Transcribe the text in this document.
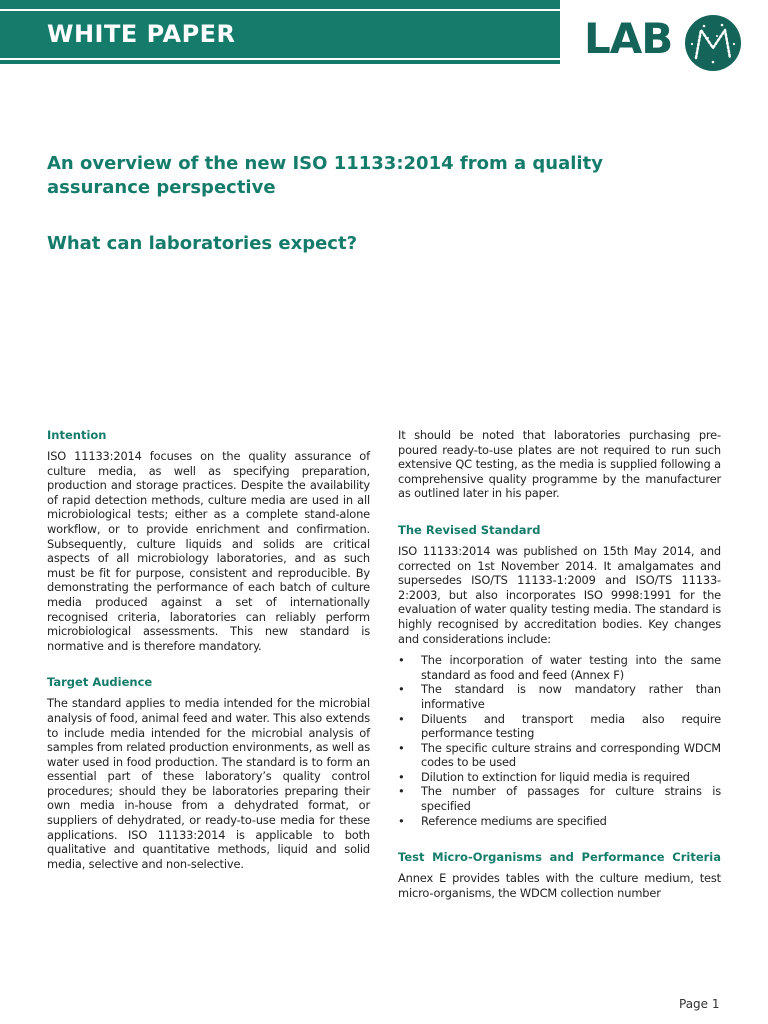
WHITE PAPER	LAB
An overview of the new ISO 11133:2014 from a quality assurance perspective
What can laboratories expect?
Intention

ISO 11133:2014 focuses on the quality assurance of culture media, as well as specifying preparation, production and storage practices. Despite the availability of rapid detection methods, culture media are used in all microbiological tests; either as a complete stand-alone workflow, or to provide enrichment and confirmation. Subsequently, culture liquids and solids are critical aspects of all microbiology laboratories, and as such must be fit for purpose, consistent and reproducible. By demonstrating the performance of each batch of culture media produced against a set of internationally recognised criteria, laboratories can reliably perform microbiological assessments. This new standard is normative and is therefore mandatory.

Target Audience

The standard applies to media intended for the microbial analysis of food, animal feed and water. This also extends to include media intended for the microbial analysis of samples from related production environments, as well as water used in food production. The standard is to form an essential part of these laboratory’s quality control procedures; should they be laboratories preparing their own media in-house from a dehydrated format, or suppliers of dehydrated, or ready-to-use media for these applications. ISO 11133:2014 is applicable to both qualitative and quantitative methods, liquid and solid media, selective and non-selective.

It should be noted that laboratories purchasing pre-poured ready-to-use plates are not required to run such extensive QC testing, as the media is supplied following a comprehensive quality programme by the manufacturer as outlined later in his paper.

The Revised Standard

ISO 11133:2014 was published on 15th May 2014, and corrected on 1st November 2014. It amalgamates and supersedes ISO/TS 11133-1:2009 and ISO/TS 11133-2:2003, but also incorporates ISO 9998:1991 for the evaluation of water quality testing media. The standard is highly recognised by accreditation bodies. Key changes and considerations include:

• The incorporation of water testing into the same standard as food and feed (Annex F)
• The standard is now mandatory rather than informative
• Diluents and transport media also require performance testing
• The specific culture strains and corresponding WDCM codes to be used
• Dilution to extinction for liquid media is required
• The number of passages for culture strains is specified
• Reference mediums are specified
Test Micro-Organisms and Performance Criteria

Annex E provides tables with the culture medium, test micro-organisms, the WDCM collection number

Page 1
